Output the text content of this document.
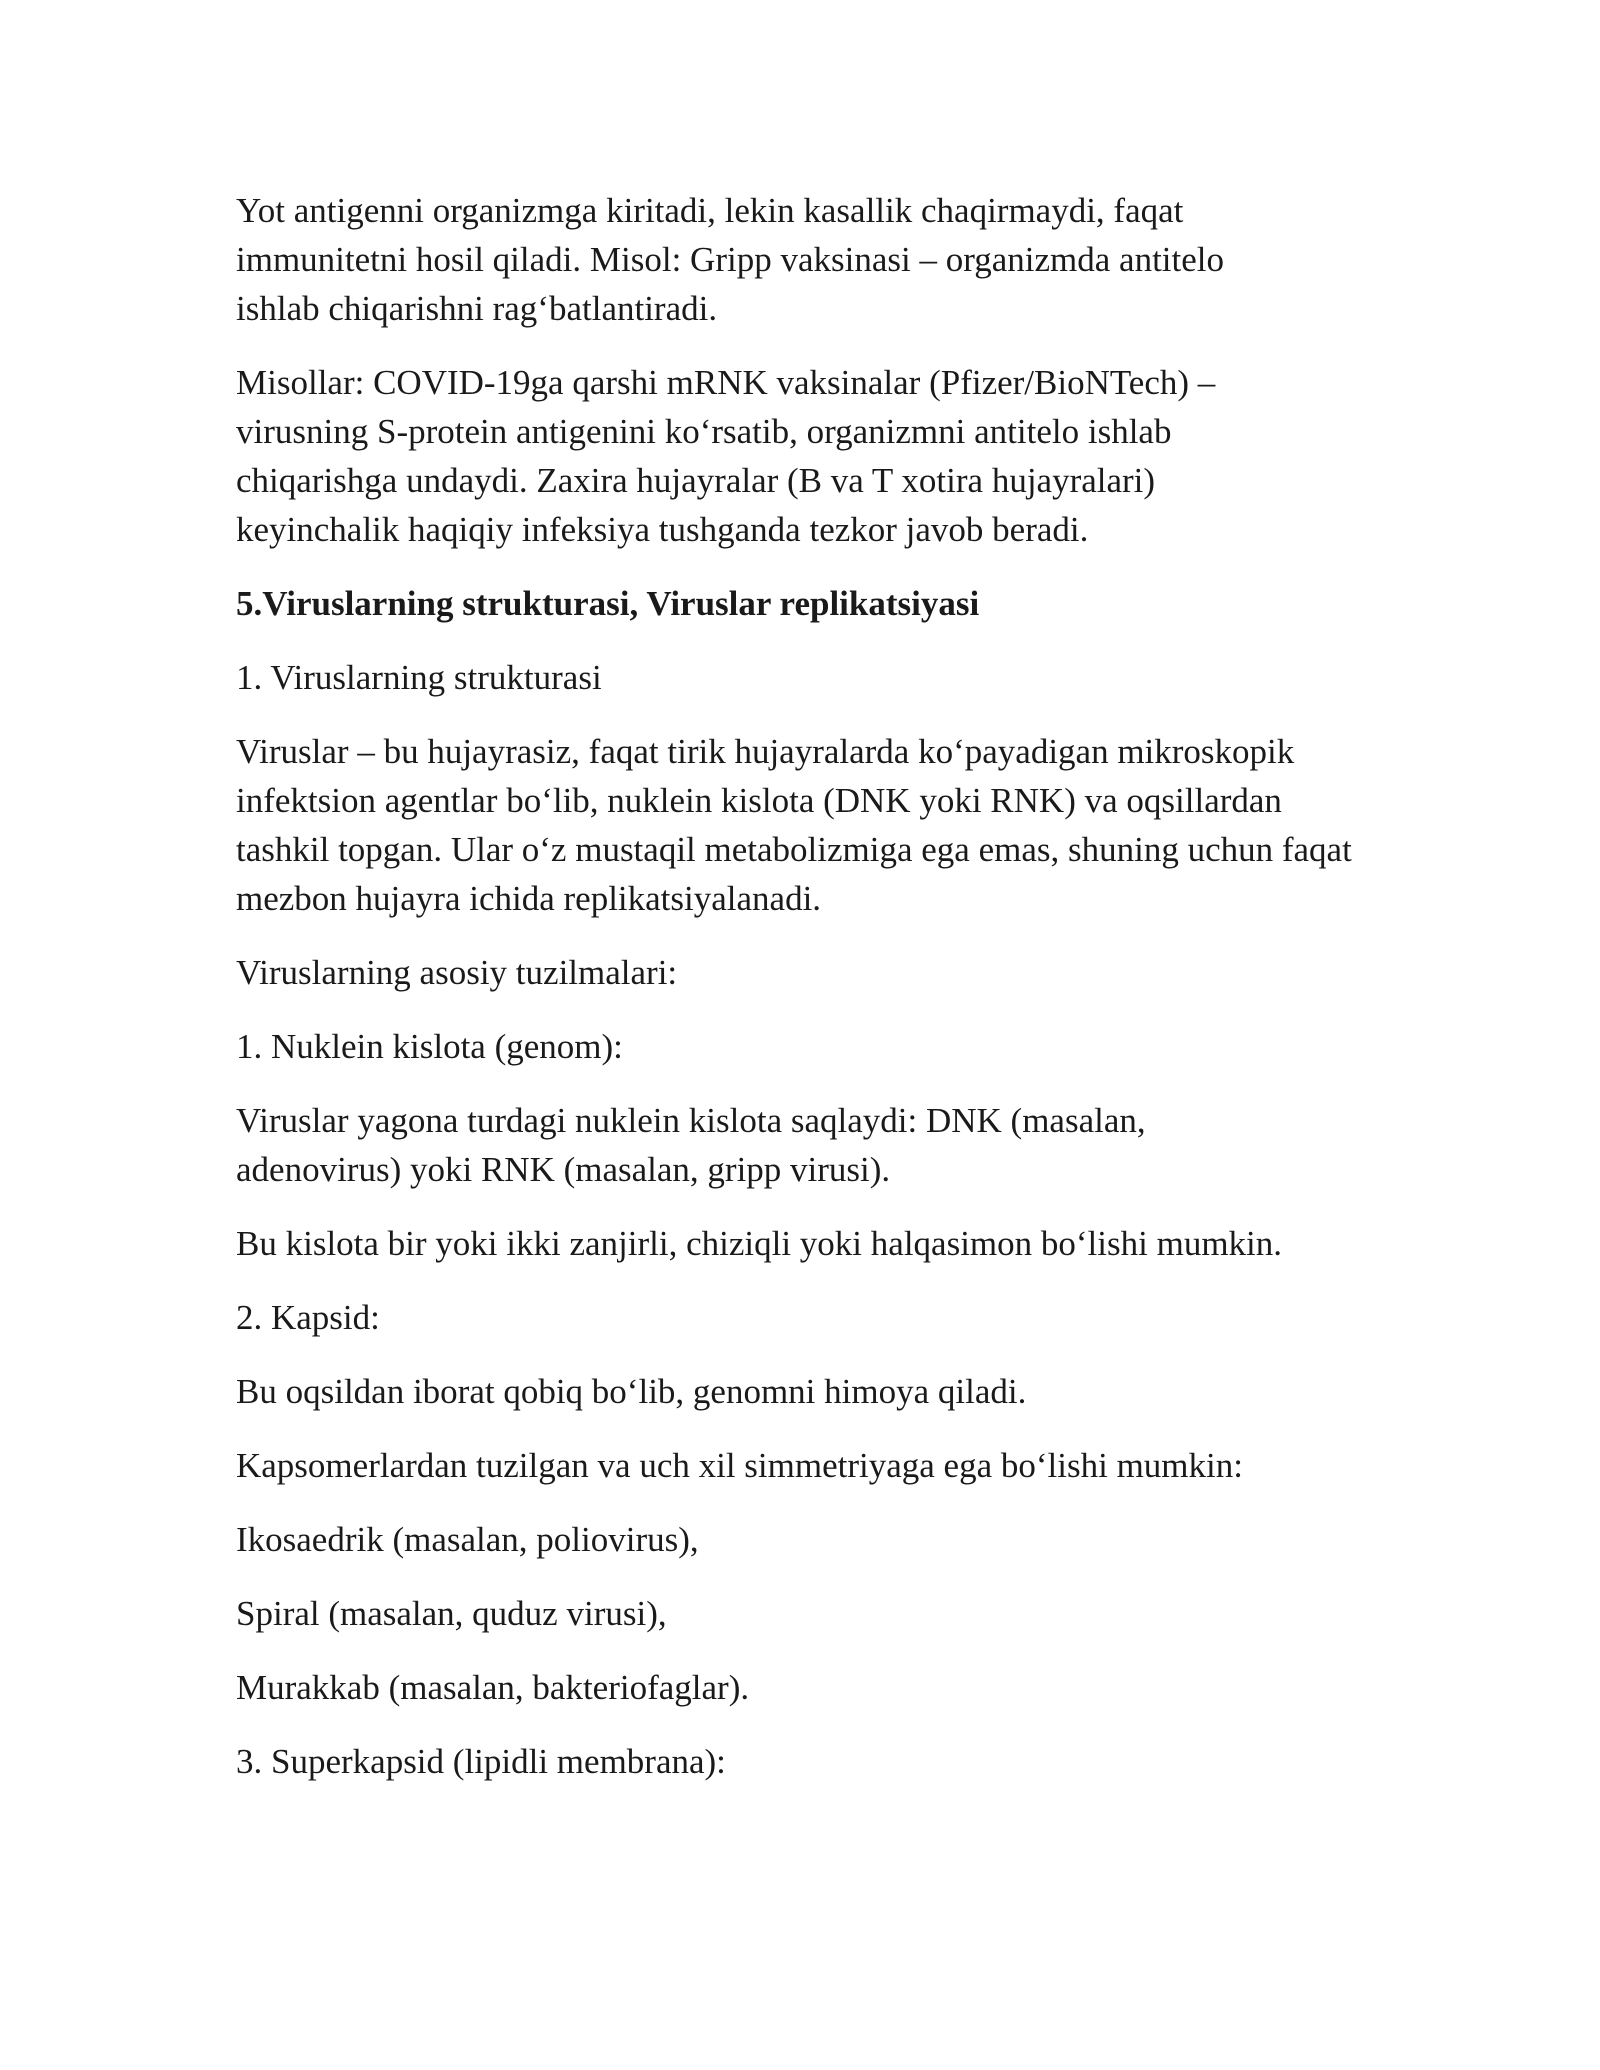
Yot antigenni organizmga kiritadi, lekin kasallik chaqirmaydi, faqat immunitetni hosil qiladi. Misol: Gripp vaksinasi – organizmda antitelo ishlab chiqarishni rag‘batlantiradi.

Misollar: COVID-19ga qarshi mRNK vaksinalar (Pfizer/BioNTech) – virusning S-protein antigenini ko‘rsatib, organizmni antitelo ishlab chiqarishga undaydi. Zaxira hujayralar (B va T xotira hujayralari) keyinchalik haqiqiy infeksiya tushganda tezkor javob beradi.

5.Viruslarning strukturasi, Viruslar replikatsiyasi

1. Viruslarning strukturasi

Viruslar – bu hujayrasiz, faqat tirik hujayralarda ko‘payadigan mikroskopik infektsion agentlar bo‘lib, nuklein kislota (DNK yoki RNK) va oqsillardan tashkil topgan. Ular o‘z mustaqil metabolizmiga ega emas, shuning uchun faqat mezbon hujayra ichida replikatsiyalanadi.

Viruslarning asosiy tuzilmalari:

1. Nuklein kislota (genom):

Viruslar yagona turdagi nuklein kislota saqlaydi: DNK (masalan, adenovirus) yoki RNK (masalan, gripp virusi).

Bu kislota bir yoki ikki zanjirli, chiziqli yoki halqasimon bo‘lishi mumkin.

2. Kapsid:

Bu oqsildan iborat qobiq bo‘lib, genomni himoya qiladi.

Kapsomerlardan tuzilgan va uch xil simmetriyaga ega bo‘lishi mumkin:

Ikosaedrik (masalan, poliovirus),

Spiral (masalan, quduz virusi),

Murakkab (masalan, bakteriofaglar).

3. Superkapsid (lipidli membrana):
